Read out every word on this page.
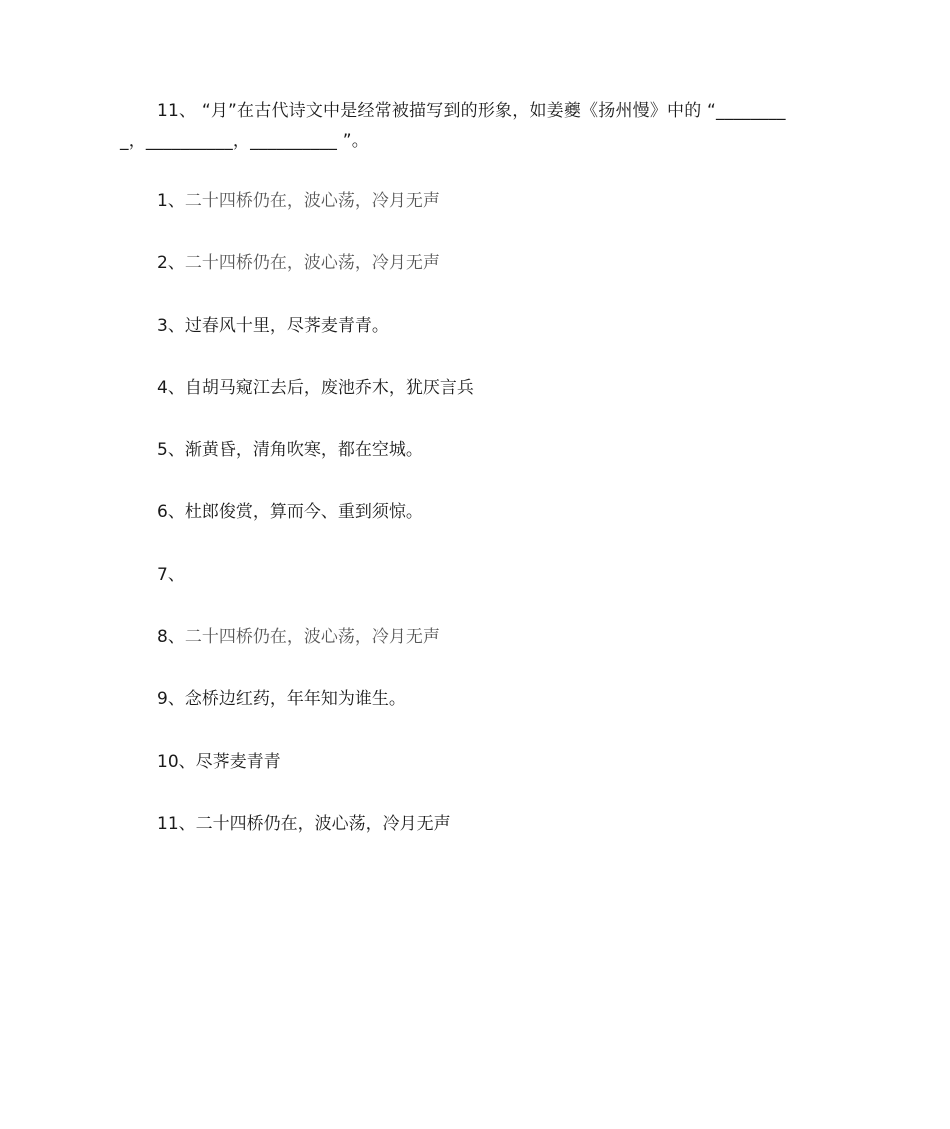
11、 “月”在古代诗文中是经常被描写到的形象，如姜夔《扬州慢》中的 “________
_，__________，__________ ”。
1、二十四桥仍在，波心荡，冷月无声
2、二十四桥仍在，波心荡，冷月无声
3、过春风十里，尽荠麦青青。
4、自胡马窥江去后，废池乔木，犹厌言兵
5、渐黄昏，清角吹寒，都在空城。
6、杜郎俊赏，算而今、重到须惊。
7、
8、二十四桥仍在，波心荡，冷月无声
9、念桥边红药，年年知为谁生。
10、尽荠麦青青
11、二十四桥仍在，波心荡，冷月无声
